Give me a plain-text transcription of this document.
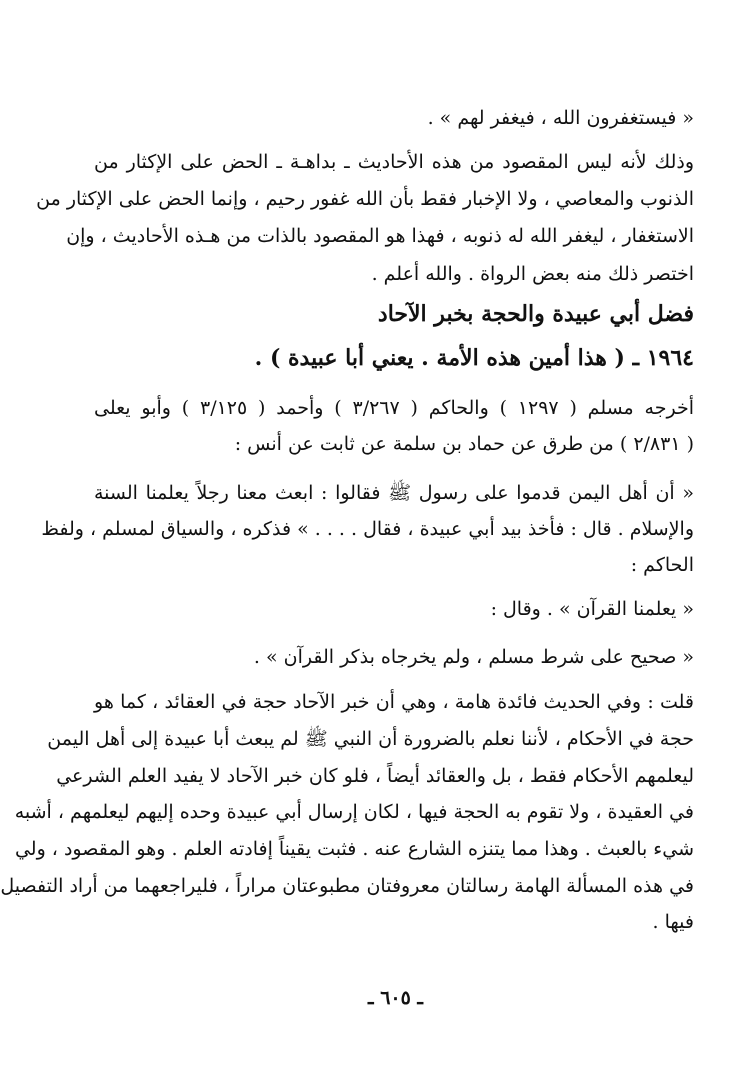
« فيستغفرون الله ، فيغفر لهم » .
وذلك لأنه ليس المقصود من هذه الأحاديث ـ بداهـة ـ الحض على الإكثار من
الذنوب والمعاصي ، ولا الإخبار فقط بأن الله غفور رحيم ، وإنما الحض على الإكثار من
الاستغفار ، ليغفر الله له ذنوبه ، فهذا هو المقصود بالذات من هـذه الأحاديث ، وإن
اختصر ذلك منه بعض الرواة . والله أعلم .
فضل أبي عبيدة والحجة بخبر الآحاد
١٩٦٤ ـ ( هذا أمين هذه الأمة . يعني أبا عبيدة ) .
أخرجه مسلم ( ١٢٩٧ ) والحاكم ( ٣/٢٦٧ ) وأحمد ( ٣/١٢٥ ) وأبو يعلى
( ٢/٨٣١ ) من طرق عن حماد بن سلمة عن ثابت عن أنس :
« أن أهل اليمن قدموا على رسول ﷺ فقالوا : ابعث معنا رجلاً يعلمنا السنة
والإسلام . قال : فأخذ بيد أبي عبيدة ، فقال . . . . » فذكره ، والسياق لمسلم ، ولفظ
الحاكم :
« يعلمنا القرآن » . وقال :
« صحيح على شرط مسلم ، ولم يخرجاه بذكر القرآن » .
قلت : وفي الحديث فائدة هامة ، وهي أن خبر الآحاد حجة في العقائد ، كما هو
حجة في الأحكام ، لأننا نعلم بالضرورة أن النبي ﷺ لم يبعث أبا عبيدة إلى أهل اليمن
ليعلمهم الأحكام فقط ، بل والعقائد أيضاً ، فلو كان خبر الآحاد لا يفيد العلم الشرعي
في العقيدة ، ولا تقوم به الحجة فيها ، لكان إرسال أبي عبيدة وحده إليهم ليعلمهم ، أشبه
شيء بالعبث . وهذا مما يتنزه الشارع عنه . فثبت يقيناً إفادته العلم . وهو المقصود ، ولي
في هذه المسألة الهامة رسالتان معروفتان مطبوعتان مراراً ، فليراجعهما من أراد التفصيل
فيها .
ـ ٦٠٥ ـ
